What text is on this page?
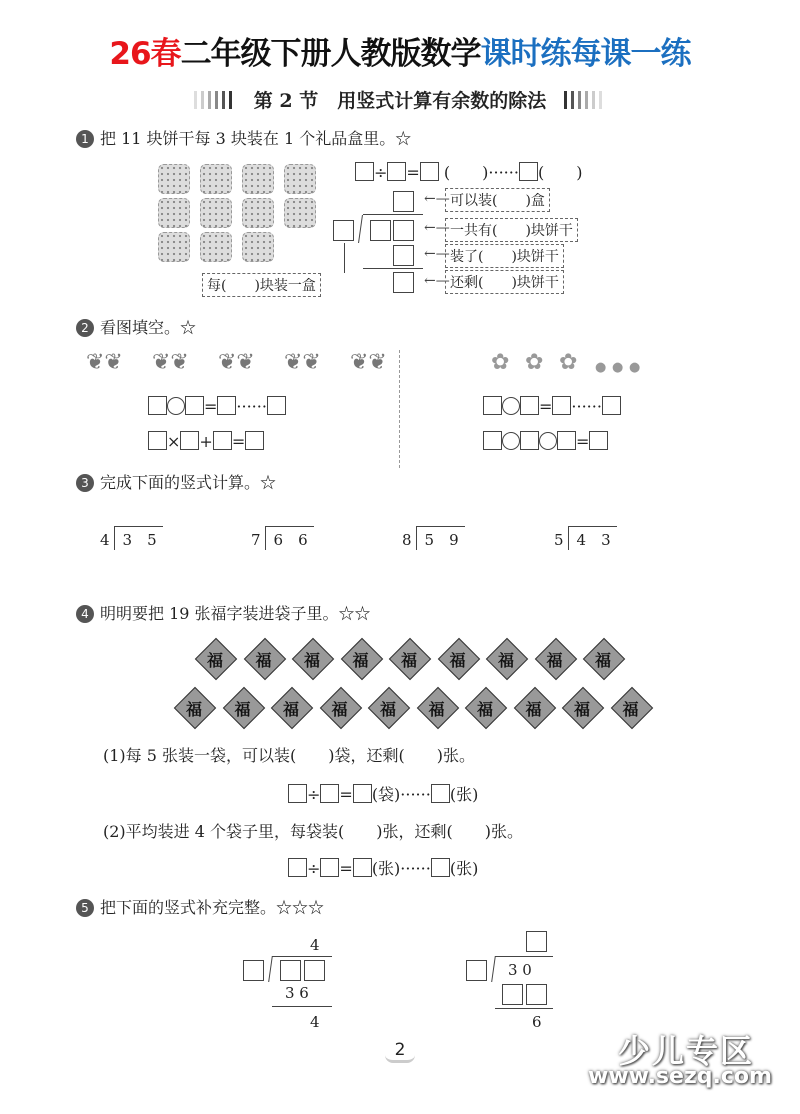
26春二年级下册人教版数学课时练每课一练
第 2 节　 用竖式计算有余数的除法
1 把 11 块饼干每 3 块装在 1 个礼品盒里。☆
÷ = (　　 )······ (　　 )
←—
←—
←—
←—
可以装(　　)盒
一共有(　　)块饼干
装了(　　)块饼干
还剩(　　)块饼干
每(　　)块装一盒
2 看图填空。☆
❦❦ ❦❦ ❦❦ ❦❦ ❦❦	✿ ✿ ✿ ● ● ●
= ······
× + =
= ······
=
3 完成下面的竖式计算。☆
4 3　5	7 6　6	8 5　9	5 4　3
4 明明要把 19 张福字装进袋子里。☆☆
福	福	福	福	福	福	福	福	福
福	福	福	福	福	福	福	福	福	福
(1)每 5 张装一袋，可以装(　　)袋，还剩(　　)张。
÷ = (袋)······ (张)
(2)平均装进 4 个袋子里，每袋装(　　)张，还剩(　　)张。
÷ = (张)······ (张)
5 把下面的竖式补充完整。☆☆☆
4
3 6
4
3 0
6
2	少儿专区
www.sezq.com
